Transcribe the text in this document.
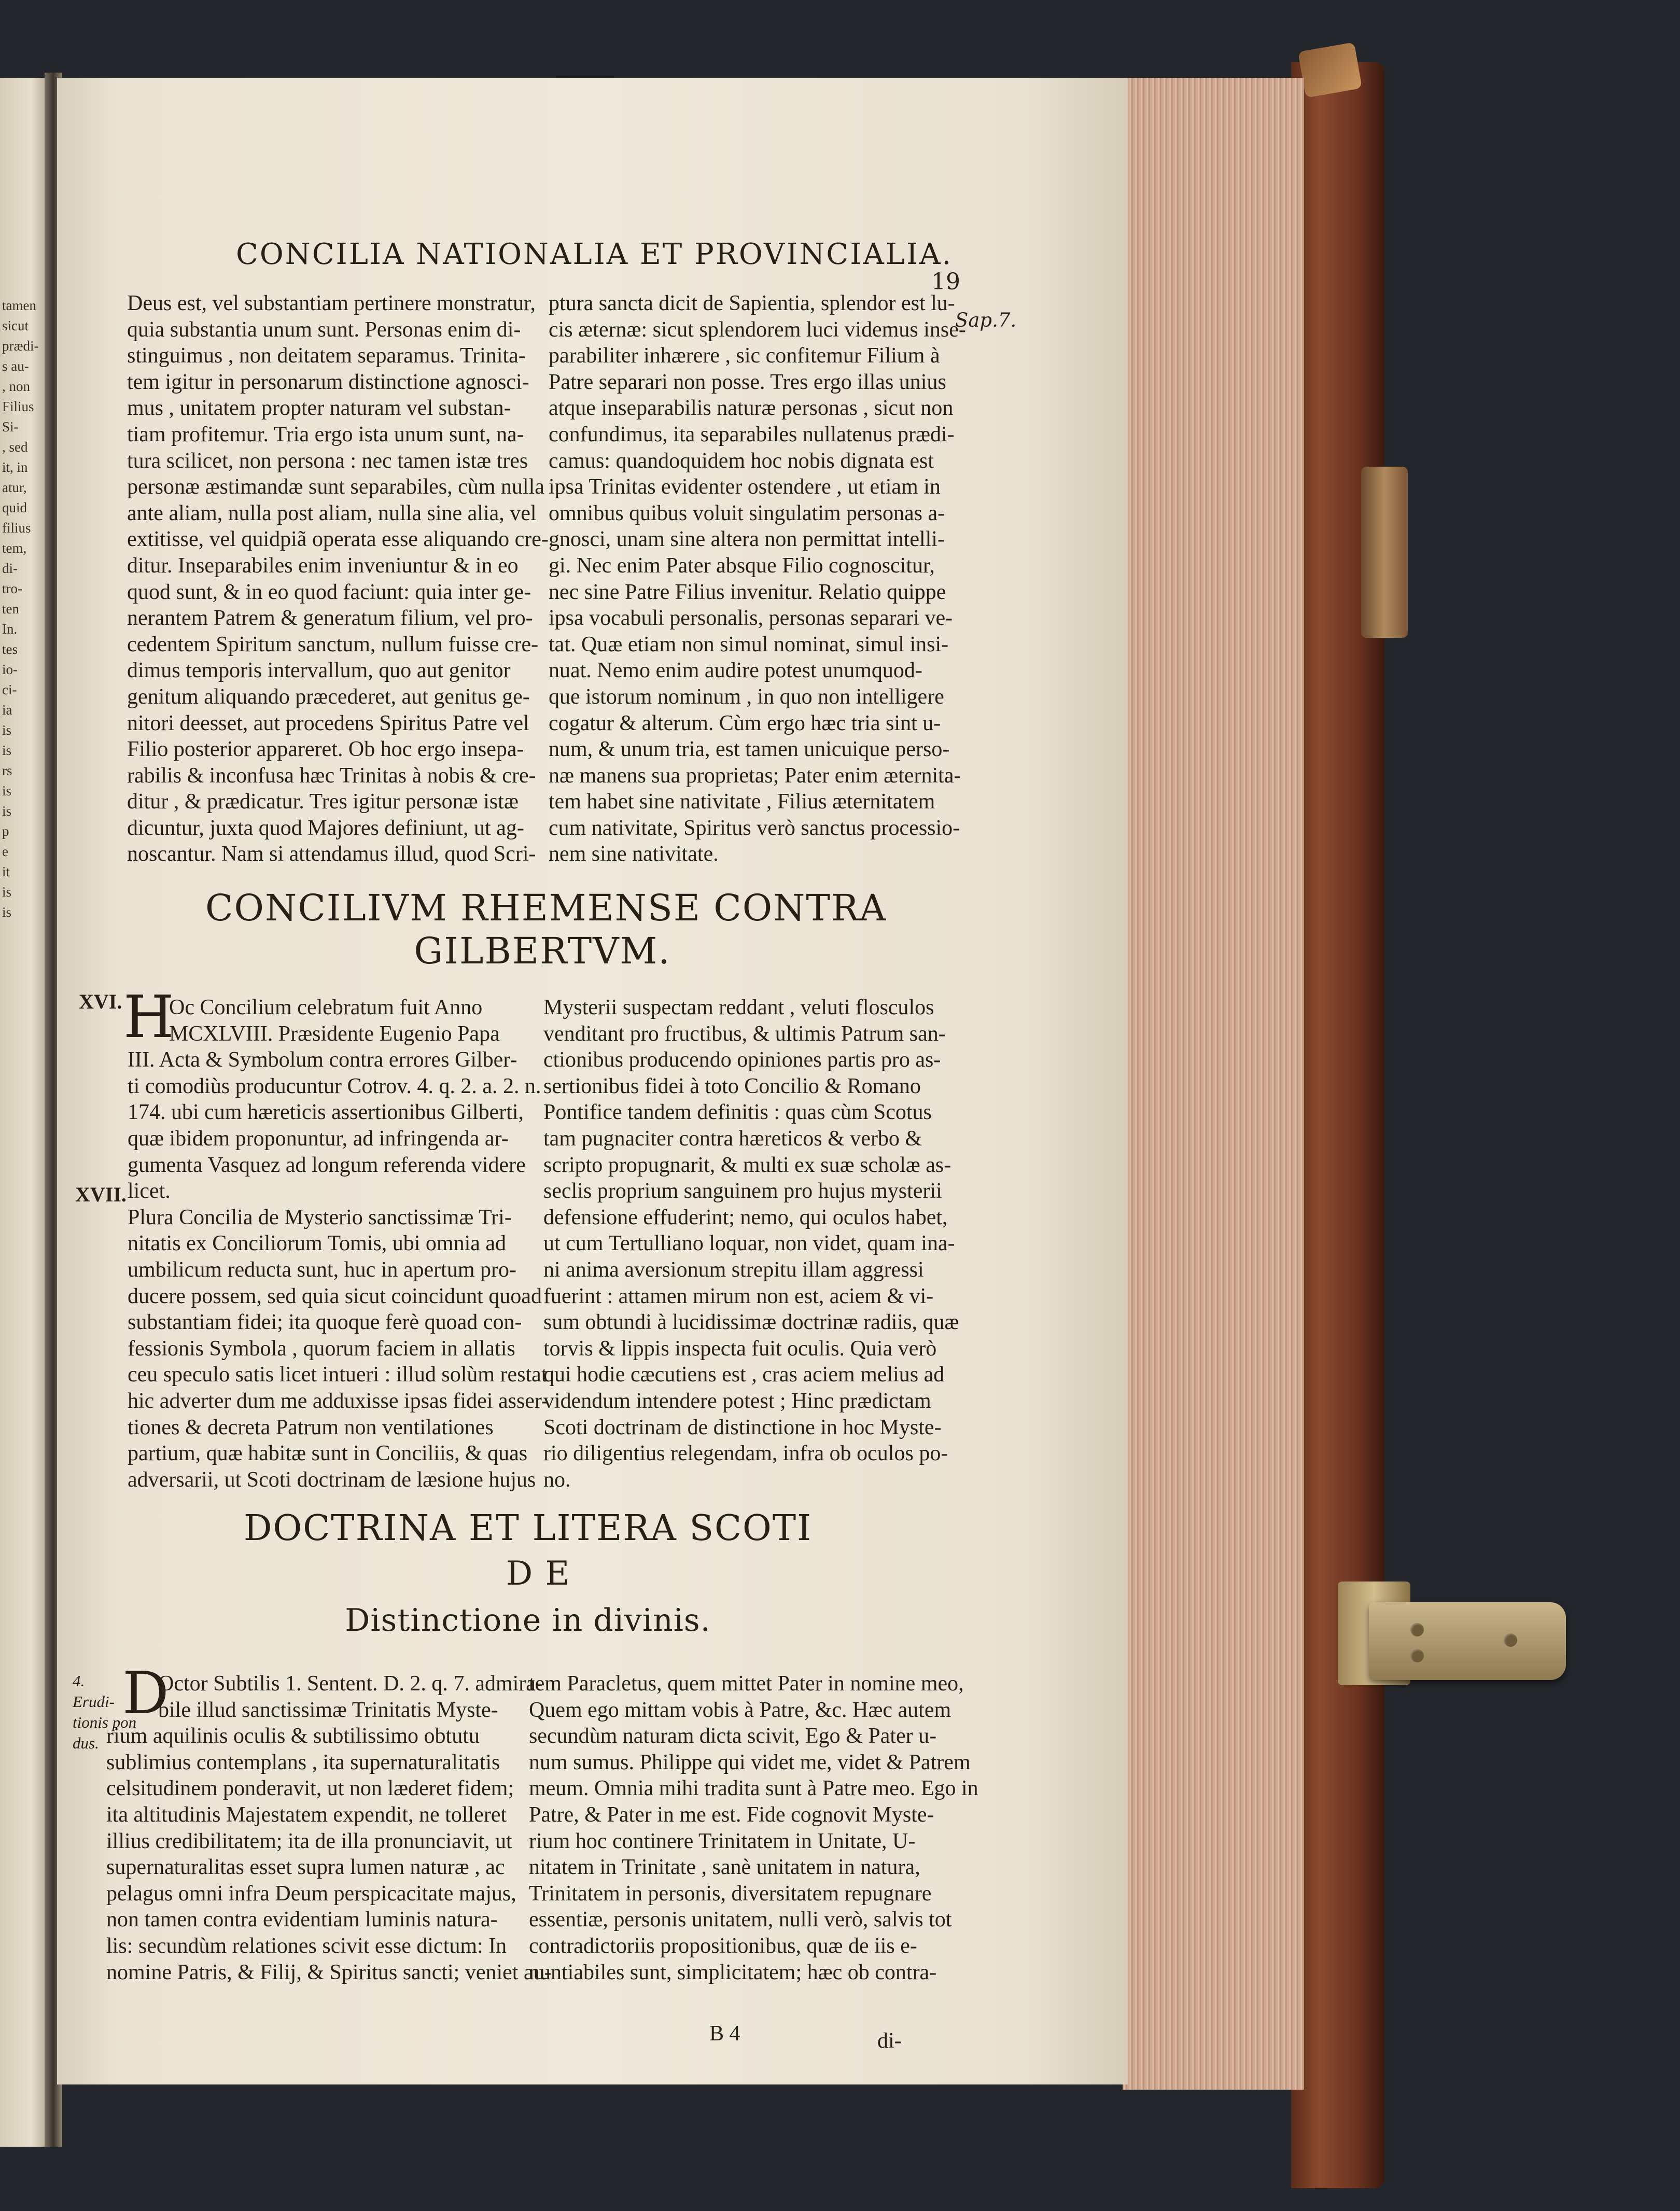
tamen
sicut
prædi-
s au-
, non
Filius
Si-
, sed
it, in
atur,
quid
filius
tem,
di-
tro-
ten
In.
tes
io-
ci-
ia
is
is
rs
is
is
p
e
it
is
is
CONCILIA NATIONALIA ET PROVINCIALIA.
19
Sap.7.
Deus est, vel substantiam pertinere monstratur,
quia substantia unum sunt. Personas enim di-
stinguimus , non deitatem separamus. Trinita-
tem igitur in personarum distinctione agnosci-
mus , unitatem propter naturam vel substan-
tiam profitemur. Tria ergo ista unum sunt, na-
tura scilicet, non persona : nec tamen istæ tres
personæ æstimandæ sunt separabiles, cùm nulla
ante aliam, nulla post aliam, nulla sine alia, vel
extitisse, vel quidpiã operata esse aliquando cre-
ditur. Inseparabiles enim inveniuntur & in eo
quod sunt, & in eo quod faciunt: quia inter ge-
nerantem Patrem & generatum filium, vel pro-
cedentem Spiritum sanctum, nullum fuisse cre-
dimus temporis intervallum, quo aut genitor
genitum aliquando præcederet, aut genitus ge-
nitori deesset, aut procedens Spiritus Patre vel
Filio posterior appareret. Ob hoc ergo insepa-
rabilis & inconfusa hæc Trinitas à nobis & cre-
ditur , & prædicatur. Tres igitur personæ istæ
dicuntur, juxta quod Majores definiunt, ut ag-
noscantur. Nam si attendamus illud, quod Scri-
ptura sancta dicit de Sapientia, splendor est lu-
cis æternæ: sicut splendorem luci videmus inse-
parabiliter inhærere , sic confitemur Filium à
Patre separari non posse. Tres ergo illas unius
atque inseparabilis naturæ personas , sicut non
confundimus, ita separabiles nullatenus prædi-
camus: quandoquidem hoc nobis dignata est
ipsa Trinitas evidenter ostendere , ut etiam in
omnibus quibus voluit singulatim personas a-
gnosci, unam sine altera non permittat intelli-
gi. Nec enim Pater absque Filio cognoscitur,
nec sine Patre Filius invenitur. Relatio quippe
ipsa vocabuli personalis, personas separari ve-
tat. Quæ etiam non simul nominat, simul insi-
nuat. Nemo enim audire potest unumquod-
que istorum nominum , in quo non intelligere
cogatur & alterum. Cùm ergo hæc tria sint u-
num, & unum tria, est tamen unicuique perso-
næ manens sua proprietas; Pater enim æternita-
tem habet sine nativitate , Filius æternitatem
cum nativitate, Spiritus verò sanctus processio-
nem sine nativitate.
CONCILIVM RHEMENSE CONTRA
GILBERTVM.
XVI.
XVII.
H
Oc Concilium celebratum fuit Anno
MCXLVIII. Præsidente Eugenio Papa
III. Acta & Symbolum contra errores Gilber-
ti comodiùs producuntur Cotrov. 4. q. 2. a. 2. n.
174. ubi cum hæreticis assertionibus Gilberti,
quæ ibidem proponuntur, ad infringenda ar-
gumenta Vasquez ad longum referenda videre
licet.
Plura Concilia de Mysterio sanctissimæ Tri-
nitatis ex Conciliorum Tomis, ubi omnia ad
umbilicum reducta sunt, huc in apertum pro-
ducere possem, sed quia sicut coincidunt quoad
substantiam fidei; ita quoque ferè quoad con-
fessionis Symbola , quorum faciem in allatis
ceu speculo satis licet intueri : illud solùm restat
hic adverter dum me adduxisse ipsas fidei asser-
tiones & decreta Patrum non ventilationes
partium, quæ habitæ sunt in Conciliis, & quas
adversarii, ut Scoti doctrinam de læsione hujus
Mysterii suspectam reddant , veluti flosculos
venditant pro fructibus, & ultimis Patrum san-
ctionibus producendo opiniones partis pro as-
sertionibus fidei à toto Concilio & Romano
Pontifice tandem definitis : quas cùm Scotus
tam pugnaciter contra hæreticos & verbo &
scripto propugnarit, & multi ex suæ scholæ as-
seclis proprium sanguinem pro hujus mysterii
defensione effuderint; nemo, qui oculos habet,
ut cum Tertulliano loquar, non videt, quam ina-
ni anima aversionum strepitu illam aggressi
fuerint : attamen mirum non est, aciem & vi-
sum obtundi à lucidissimæ doctrinæ radiis, quæ
torvis & lippis inspecta fuit oculis. Quia verò
qui hodie cæcutiens est , cras aciem melius ad
videndum intendere potest ; Hinc prædictam
Scoti doctrinam de distinctione in hoc Myste-
rio diligentius relegendam, infra ob oculos po-
no.
DOCTRINA ET LITERA SCOTI
D E
Distinctione in divinis.
4.
Erudi-
tionis pon
dus.
D
Octor Subtilis 1. Sentent. D. 2. q. 7. admira-
bile illud sanctissimæ Trinitatis Myste-
rium aquilinis oculis & subtilissimo obtutu
sublimius contemplans , ita supernaturalitatis
celsitudinem ponderavit, ut non læderet fidem;
ita altitudinis Majestatem expendit, ne tolleret
illius credibilitatem; ita de illa pronunciavit, ut
supernaturalitas esset supra lumen naturæ , ac
pelagus omni infra Deum perspicacitate majus,
non tamen contra evidentiam luminis natura-
lis: secundùm relationes scivit esse dictum: In
nomine Patris, & Filij, & Spiritus sancti; veniet au-
tem Paracletus, quem mittet Pater in nomine meo,
Quem ego mittam vobis à Patre, &c. Hæc autem
secundùm naturam dicta scivit, Ego & Pater u-
num sumus. Philippe qui videt me, videt & Patrem
meum. Omnia mihi tradita sunt à Patre meo. Ego in
Patre, & Pater in me est. Fide cognovit Myste-
rium hoc continere Trinitatem in Unitate, U-
nitatem in Trinitate , sanè unitatem in natura,
Trinitatem in personis, diversitatem repugnare
essentiæ, personis unitatem, nulli verò, salvis tot
contradictoriis propositionibus, quæ de iis e-
nuntiabiles sunt, simplicitatem; hæc ob contra-
B 4	di-
